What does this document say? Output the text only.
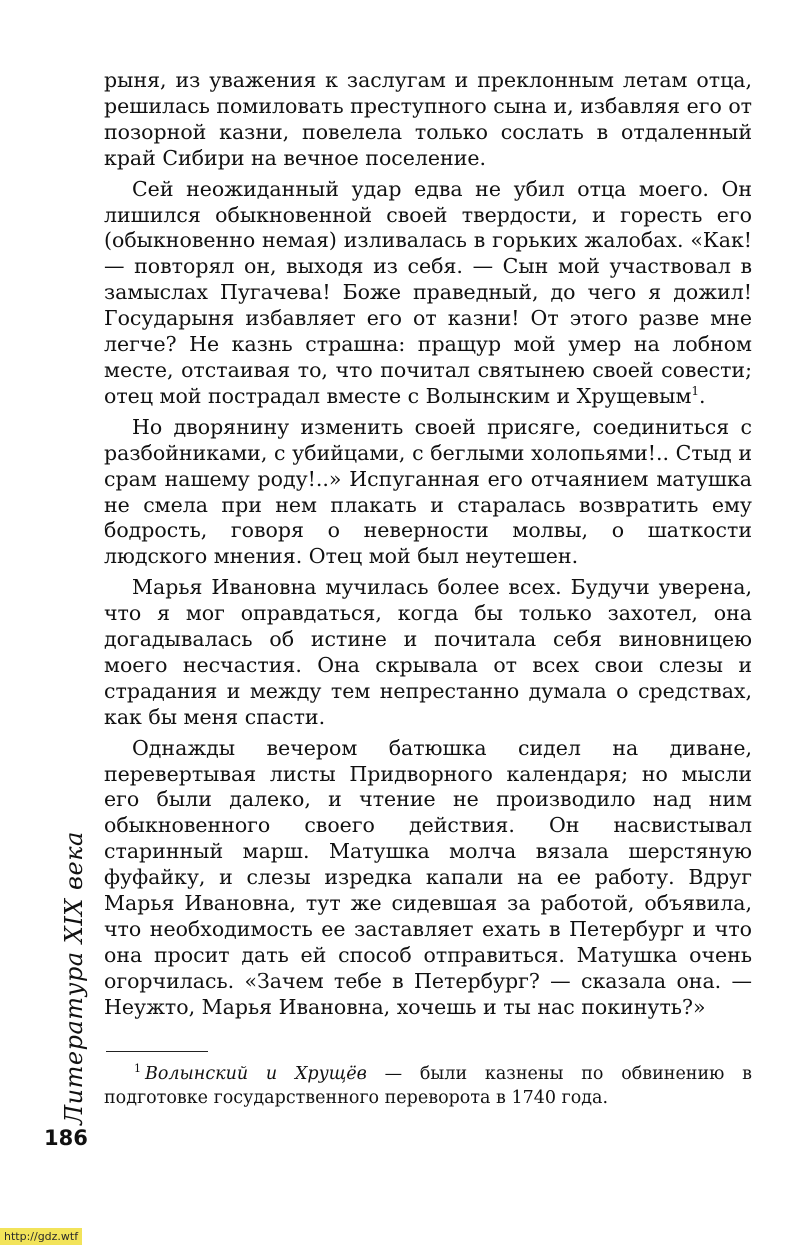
рыня, из уважения к заслугам и преклонным летам отца, решилась помиловать преступного сына и, избавляя его от позорной казни, повелела только сослать в отдаленный край Сибири на вечное поселение.

Сей неожиданный удар едва не убил отца моего. Он лишился обыкновенной своей твердости, и горесть его (обыкновенно немая) изливалась в горьких жалобах. «Как! — повторял он, выходя из себя. — Сын мой участвовал в замыслах Пугачева! Боже праведный, до чего я дожил! Государыня избавляет его от казни! От этого разве мне легче? Не казнь страшна: пращур мой умер на лобном месте, отстаивая то, что почитал святынею своей совести; отец мой пострадал вместе с Волынским и Хрущевым$^1$.

Но дворянину изменить своей присяге, соединиться с разбойниками, с убийцами, с беглыми холопьями!.. Стыд и срам нашему роду!..» Испуганная его отчаянием матушка не смела при нем плакать и старалась возвратить ему бодрость, говоря о неверности молвы, о шаткости людского мнения. Отец мой был неутешен.

Марья Ивановна мучилась более всех. Будучи уверена, что я мог оправдаться, когда бы только захотел, она догадывалась об истине и почитала себя виновницею моего несчастия. Она скрывала от всех свои слезы и страдания и между тем непрестанно думала о средствах, как бы меня спасти.

Однажды вечером батюшка сидел на диване, перевертывая листы Придворного календаря; но мысли его были далеко, и чтение не производило над ним обыкновенного своего действия. Он насвистывал старинный марш. Матушка молча вязала шерстяную фуфайку, и слезы изредка капали на ее работу. Вдруг Марья Ивановна, тут же сидевшая за работой, объявила, что необходимость ее заставляет ехать в Петербург и что она просит дать ей способ отправиться. Матушка очень огорчилась. «Зачем тебе в Петербург? — сказала она. — Неужто, Марья Ивановна, хочешь и ты нас покинуть?»

$^1$ Волынский и Хрущёв — были казнены по обвинению в подготовке государственного переворота в 1740 года.
Литература XIX века
186
http://gdz.wtf
